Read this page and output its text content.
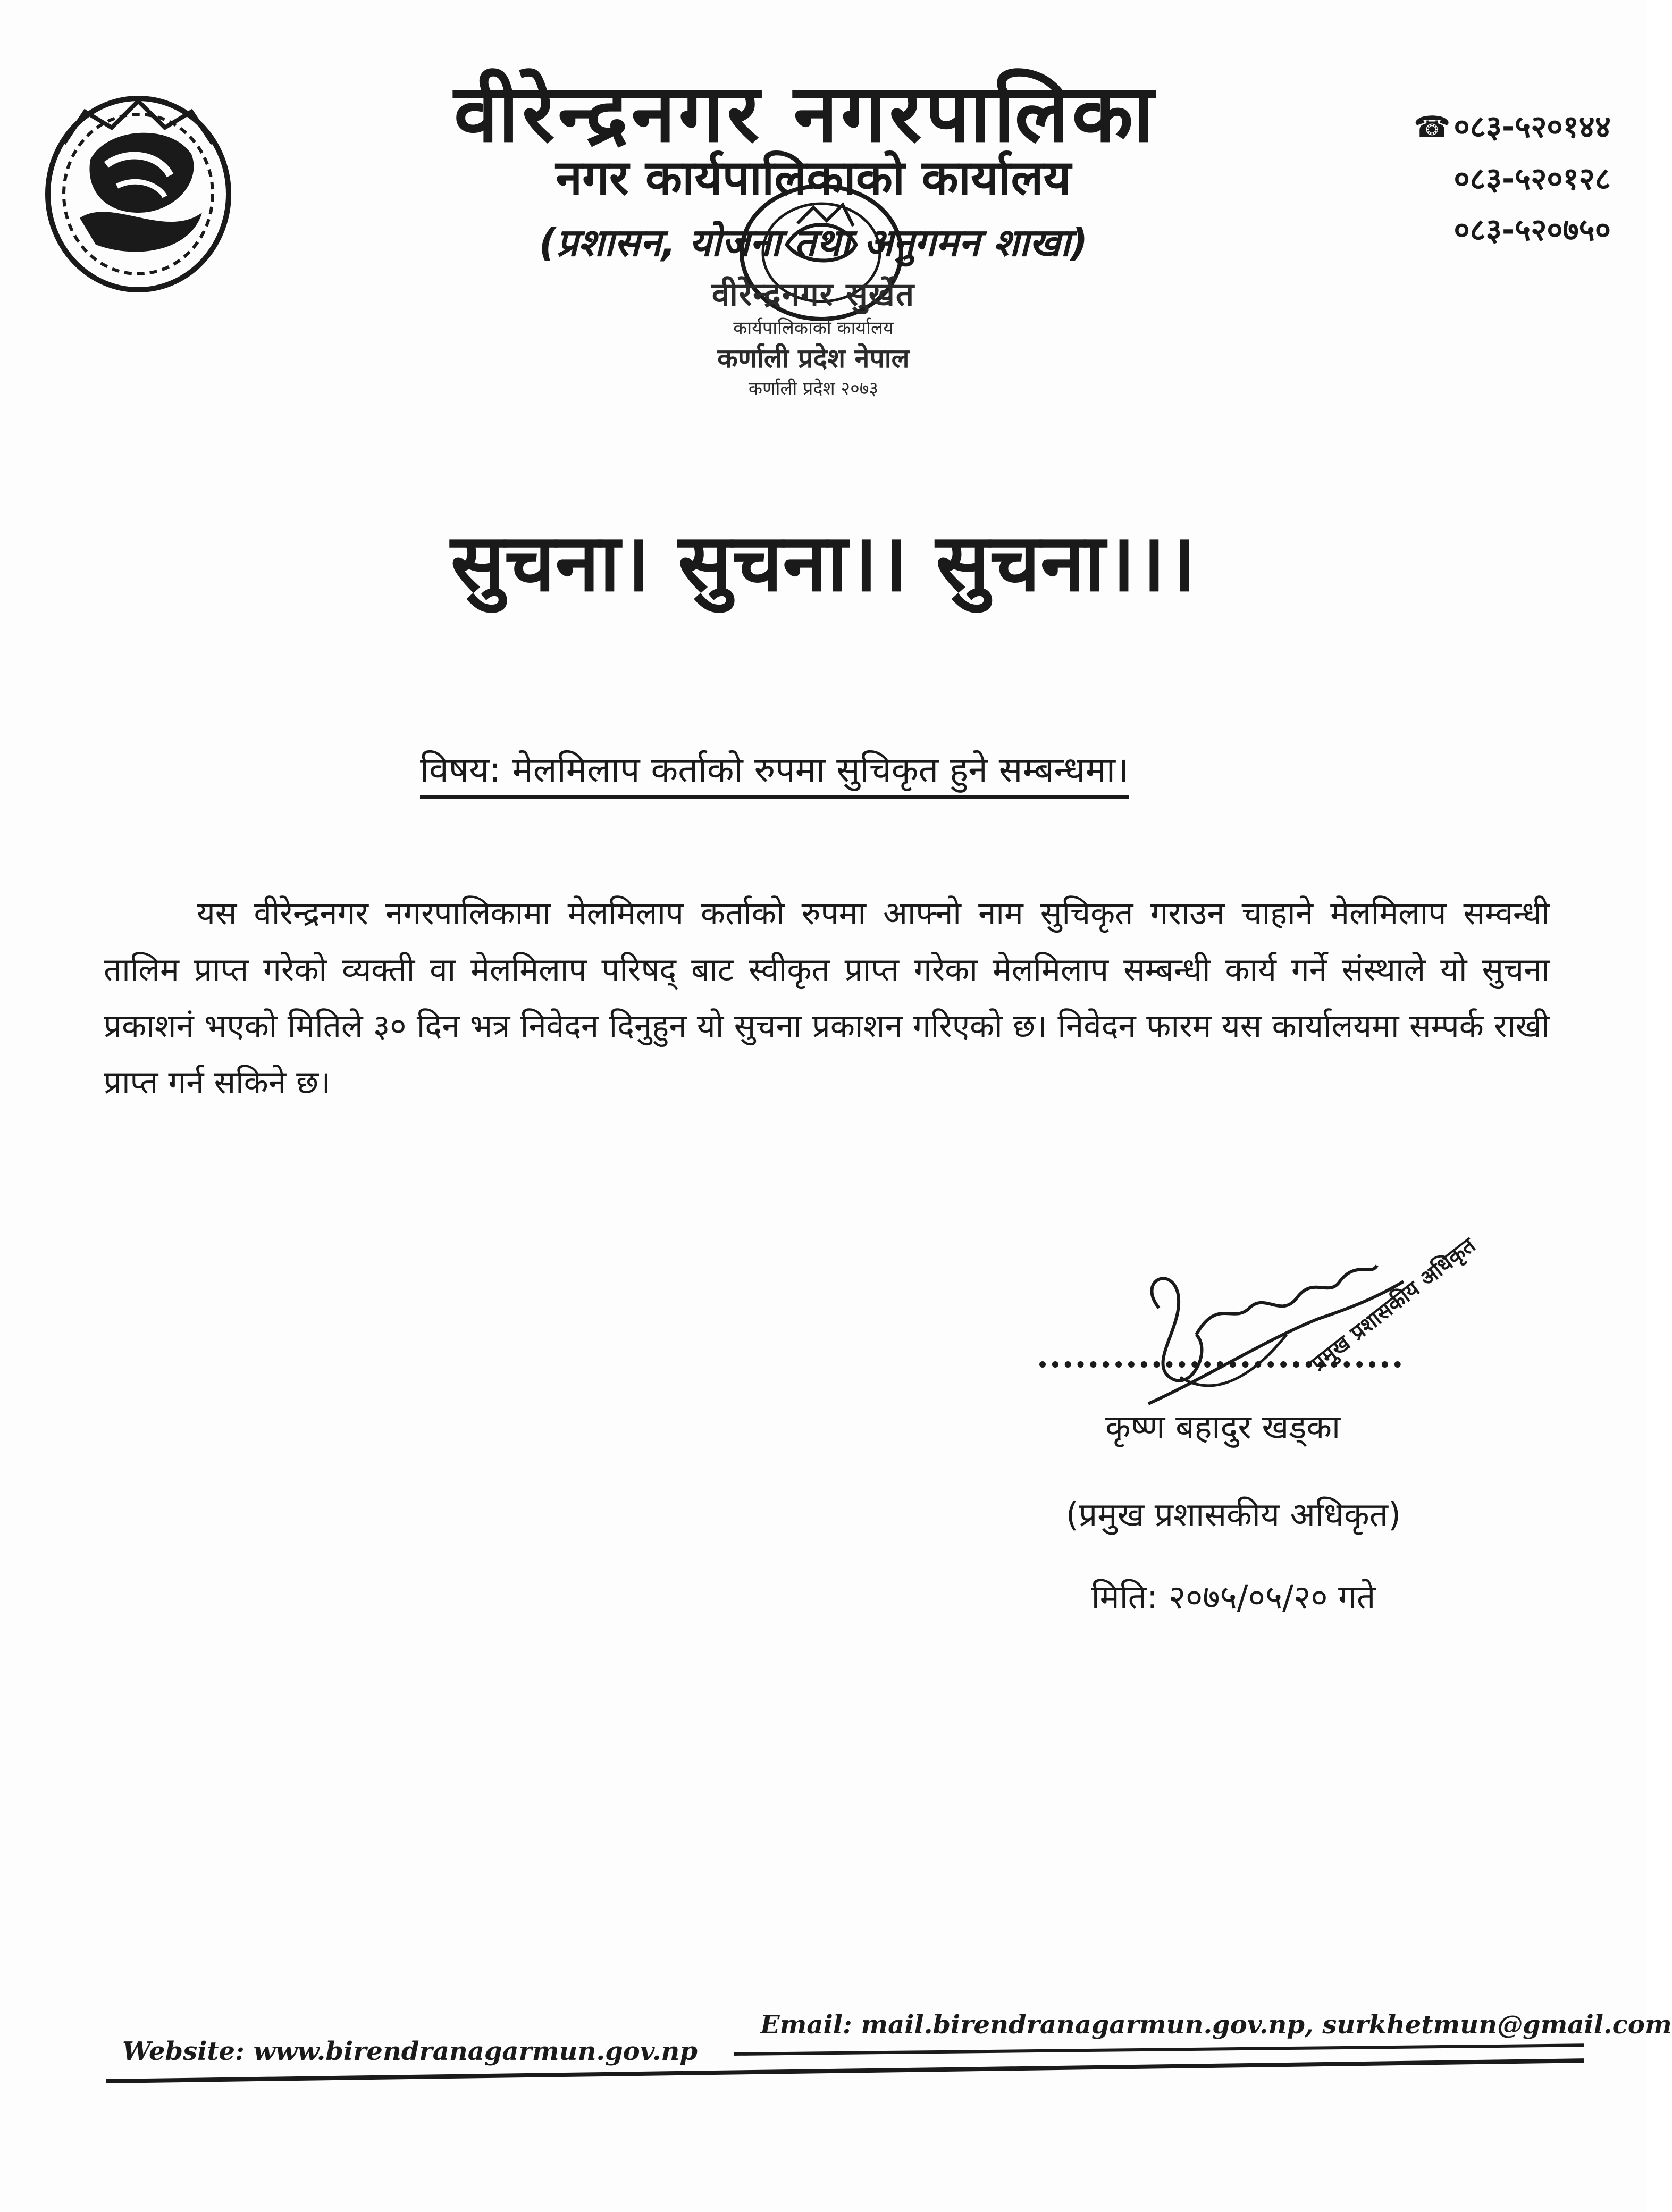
वीरेन्द्रनगर नगरपालिका
नगर कार्यपालिकाको कार्यालय
(प्रशासन, योजना तथा अनुगमन शाखा)
वीरेन्द्रनगर सुर्खेत
कार्यपालिकाको कार्यालय
कर्णाली प्रदेश नेपाल
कर्णाली प्रदेश २०७३
☎ ०८३-५२०१४४
०८३-५२०१२८
०८३-५२०७५०
सुचना। सुचना।। सुचना।।।
विषय: मेलमिलाप कर्ताको रुपमा सुचिकृत हुने सम्बन्धमा।
यस वीरेन्द्रनगर नगरपालिकामा मेलमिलाप कर्ताको रुपमा आफ्नो नाम सुचिकृत गराउन चाहाने मेलमिलाप सम्वन्धी तालिम प्राप्त गरेको व्यक्ती वा मेलमिलाप परिषद् बाट स्वीकृत प्राप्त गरेका मेलमिलाप सम्बन्धी कार्य गर्ने संस्थाले यो सुचना प्रकाशनं भएको मितिले ३० दिन भत्र निवेदन दिनुहुन यो सुचना प्रकाशन गरिएको छ। निवेदन फारम यस कार्यालयमा सम्पर्क राखी प्राप्त गर्न सकिने छ।
प्रमुख प्रशासकीय अधिकृत
कृष्ण बहादुर खड्का
(प्रमुख प्रशासकीय अधिकृत)
मिति: २०७५/०५/२० गते
Email: mail.birendranagarmun.gov.np, surkhetmun@gmail.com
Website: www.birendranagarmun.gov.np
